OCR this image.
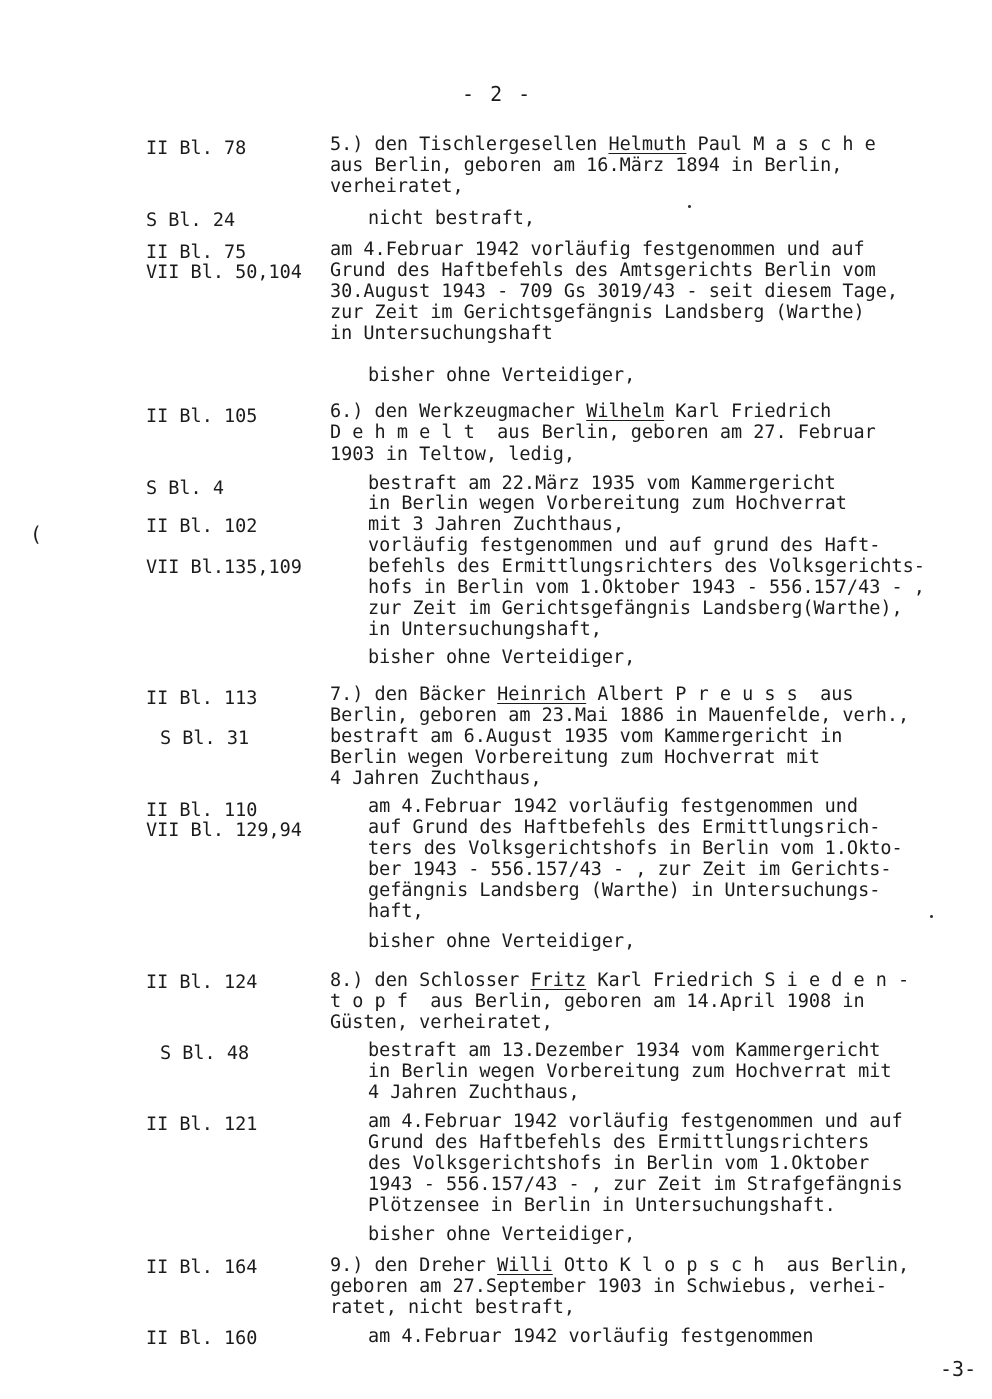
- 2 -
(
II Bl. 78
S Bl. 24
II Bl. 75
VII Bl. 50,104
II Bl. 105
S Bl. 4
II Bl. 102
VII Bl.135,109
II Bl. 113
S Bl. 31
II Bl. 110
VII Bl. 129,94
II Bl. 124
S Bl. 48
II Bl. 121
II Bl. 164
II Bl. 160
5.) den Tischlergesellen Helmuth Paul M a s c h e
aus Berlin, geboren am 16.März 1894 in Berlin,
verheiratet,
nicht bestraft,
am 4.Februar 1942 vorläufig festgenommen und auf
Grund des Haftbefehls des Amtsgerichts Berlin vom
30.August 1943 - 709 Gs 3019/43 - seit diesem Tage,
zur Zeit im Gerichtsgefängnis Landsberg (Warthe)
in Untersuchungshaft
bisher ohne Verteidiger,
6.) den Werkzeugmacher Wilhelm Karl Friedrich
D e h m e l t  aus Berlin, geboren am 27. Februar
1903 in Teltow, ledig,
bestraft am 22.März 1935 vom Kammergericht
in Berlin wegen Vorbereitung zum Hochverrat
mit 3 Jahren Zuchthaus,
vorläufig festgenommen und auf grund des Haft-
befehls des Ermittlungsrichters des Volksgerichts-
hofs in Berlin vom 1.Oktober 1943 - 556.157/43 - ,
zur Zeit im Gerichtsgefängnis Landsberg(Warthe),
in Untersuchungshaft,
bisher ohne Verteidiger,
7.) den Bäcker Heinrich Albert P r e u s s  aus
Berlin, geboren am 23.Mai 1886 in Mauenfelde, verh.,
bestraft am 6.August 1935 vom Kammergericht in
Berlin wegen Vorbereitung zum Hochverrat mit
4 Jahren Zuchthaus,
am 4.Februar 1942 vorläufig festgenommen und
auf Grund des Haftbefehls des Ermittlungsrich-
ters des Volksgerichtshofs in Berlin vom 1.Okto-
ber 1943 - 556.157/43 - , zur Zeit im Gerichts-
gefängnis Landsberg (Warthe) in Untersuchungs-
haft,
bisher ohne Verteidiger,
8.) den Schlosser Fritz Karl Friedrich S i e d e n -
t o p f  aus Berlin, geboren am 14.April 1908 in
Güsten, verheiratet,
bestraft am 13.Dezember 1934 vom Kammergericht
in Berlin wegen Vorbereitung zum Hochverrat mit
4 Jahren Zuchthaus,
am 4.Februar 1942 vorläufig festgenommen und auf
Grund des Haftbefehls des Ermittlungsrichters
des Volksgerichtshofs in Berlin vom 1.Oktober
1943 - 556.157/43 - , zur Zeit im Strafgefängnis
Plötzensee in Berlin in Untersuchungshaft.
bisher ohne Verteidiger,
9.) den Dreher Willi Otto K l o p s c h  aus Berlin,
geboren am 27.September 1903 in Schwiebus, verhei-
ratet, nicht bestraft,
am 4.Februar 1942 vorläufig festgenommen
-3-
